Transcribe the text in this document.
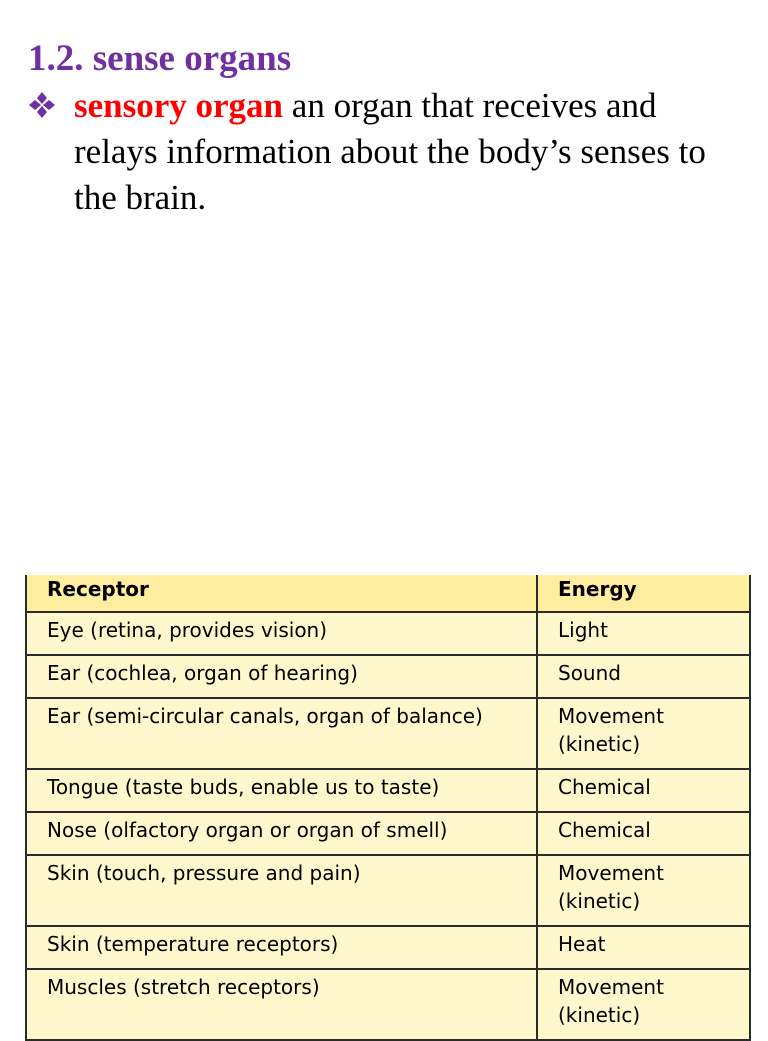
1.2. sense organs
sensory organ an organ that receives and relays information about the body’s senses to the brain.
Receptor	Energy
Eye (retina, provides vision)	Light
Ear (cochlea, organ of hearing)	Sound
Ear (semi-circular canals, organ of balance)	Movement (kinetic)
Tongue (taste buds, enable us to taste)	Chemical
Nose (olfactory organ or organ of smell)	Chemical
Skin (touch, pressure and pain)	Movement (kinetic)
Skin (temperature receptors)	Heat
Muscles (stretch receptors)	Movement (kinetic)
